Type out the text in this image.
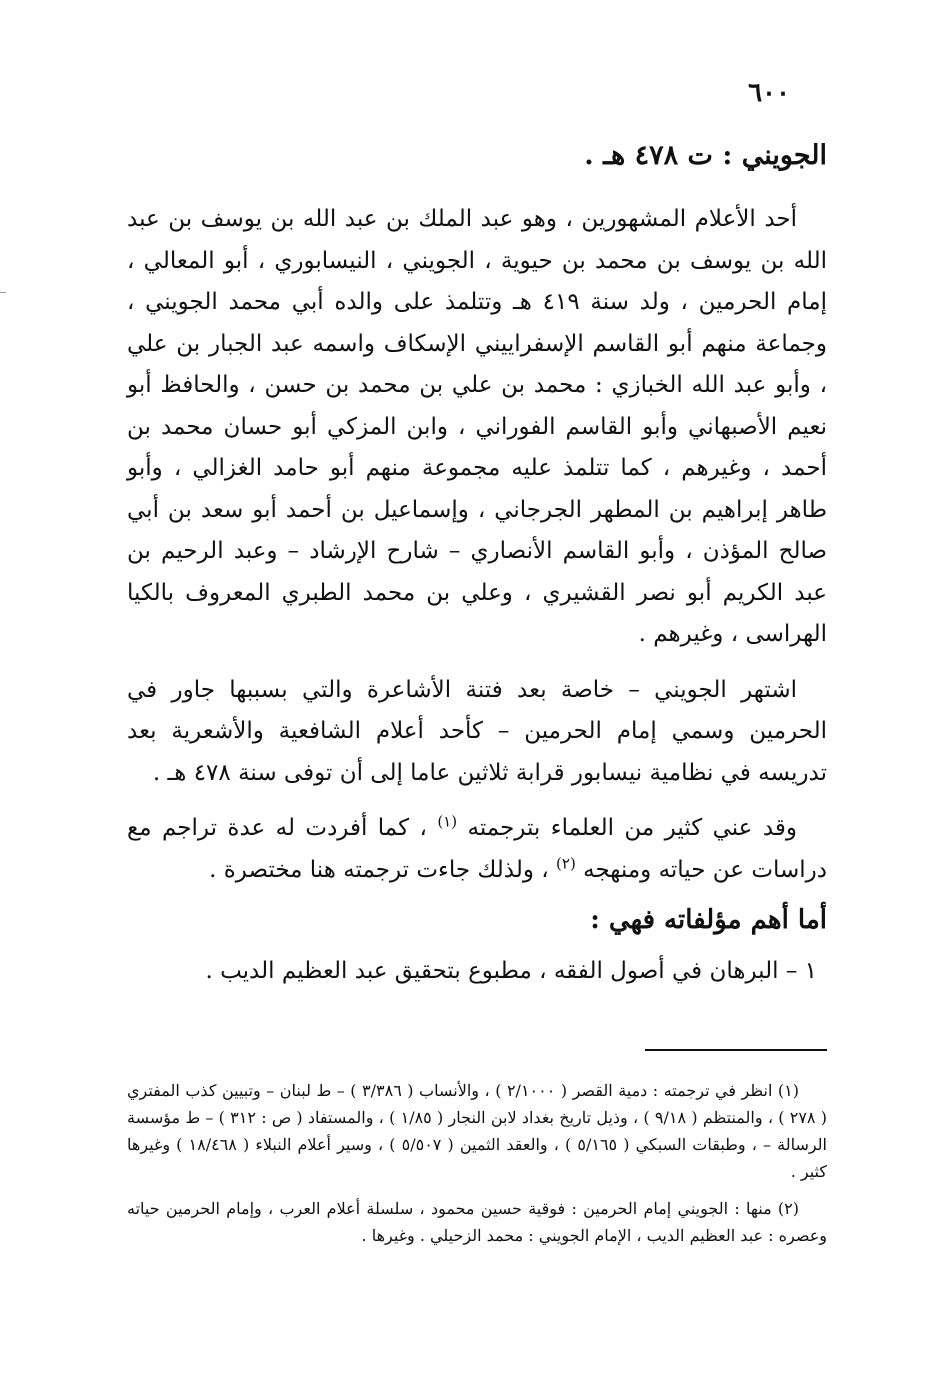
٦٠٠
الجويني : ت ٤٧٨ هـ .

أحد الأعلام المشهورين ، وهو عبد الملك بن عبد الله بن يوسف بن عبد الله بن يوسف بن محمد بن حيوية ، الجويني ، النيسابوري ، أبو المعالي ، إمام الحرمين ، ولد سنة ٤١٩ هـ وتتلمذ على والده أبي محمد الجويني ، وجماعة منهم أبو القاسم الإسفراييني الإسكاف واسمه عبد الجبار بن علي ، وأبو عبد الله الخبازي : محمد بن علي بن محمد بن حسن ، والحافظ أبو نعيم الأصبهاني وأبو القاسم الفوراني ، وابن المزكي أبو حسان محمد بن أحمد ، وغيرهم ، كما تتلمذ عليه مجموعة منهم أبو حامد الغزالي ، وأبو طاهر إبراهيم بن المطهر الجرجاني ، وإسماعيل بن أحمد أبو سعد بن أبي صالح المؤذن ، وأبو القاسم الأنصاري – شارح الإرشاد – وعبد الرحيم بن عبد الكريم أبو نصر القشيري ، وعلي بن محمد الطبري المعروف بالكيا الهراسى ، وغيرهم .

اشتهر الجويني – خاصة بعد فتنة الأشاعرة والتي بسببها جاور في الحرمين وسمي إمام الحرمين – كأحد أعلام الشافعية والأشعرية بعد تدريسه في نظامية نيسابور قرابة ثلاثين عاما إلى أن توفى سنة ٤٧٨ هـ .

وقد عني كثير من العلماء بترجمته $^{(١)}$ ، كما أفردت له عدة تراجم مع دراسات عن حياته ومنهجه $^{(٢)}$ ، ولذلك جاءت ترجمته هنا مختصرة .

أما أهم مؤلفاته فهي :

١ – البرهان في أصول الفقه ، مطبوع بتحقيق عبد العظيم الديب .

(١) انظر في ترجمته : دمية القصر ( ٢/١٠٠٠ ) ، والأنساب ( ٣/٣٨٦ ) – ط لبنان – وتبيين كذب المفتري ( ٢٧٨ ) ، والمنتظم ( ٩/١٨ ) ، وذيل تاريخ بغداد لابن النجار ( ١/٨٥ ) ، والمستفاد ( ص : ٣١٢ ) – ط مؤسسة الرسالة – ، وطبقات السبكي ( ٥/١٦٥ ) ، والعقد الثمين ( ٥/٥٠٧ ) ، وسير أعلام النبلاء ( ١٨/٤٦٨ ) وغيرها كثير .

(٢) منها : الجويني إمام الحرمين : فوقية حسين محمود ، سلسلة أعلام العرب ، وإمام الحرمين حياته وعصره : عبد العظيم الديب ، الإمام الجويني : محمد الزحيلي . وغيرها .
